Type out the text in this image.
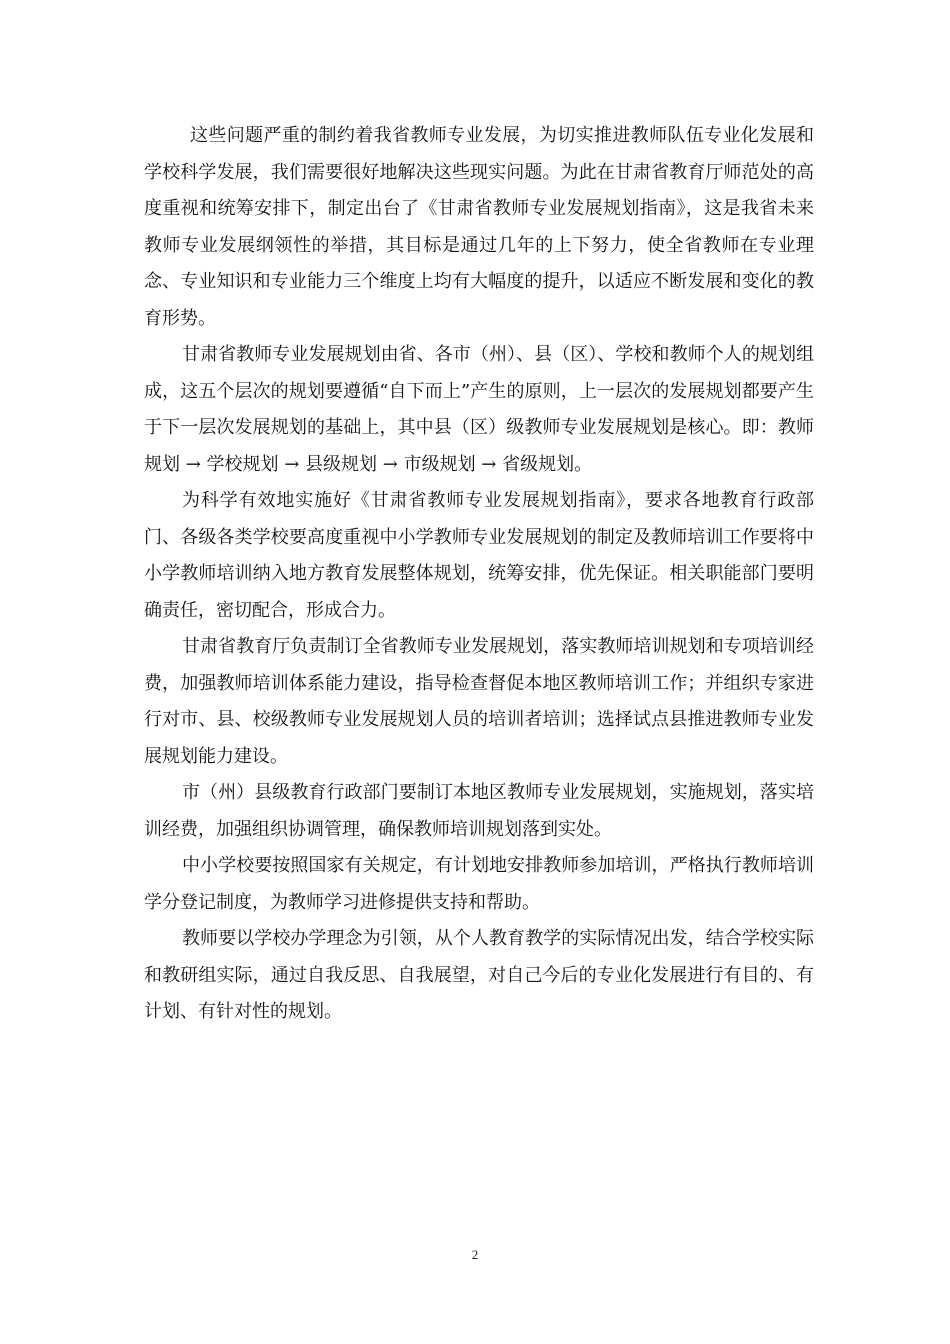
这些问题严重的制约着我省教师专业发展，为切实推进教师队伍专业化发展和学校科学发展，我们需要很好地解决这些现实问题。为此在甘肃省教育厅师范处的高度重视和统筹安排下，制定出台了《甘肃省教师专业发展规划指南》，这是我省未来教师专业发展纲领性的举措，其目标是通过几年的上下努力，使全省教师在专业理念、专业知识和专业能力三个维度上均有大幅度的提升，以适应不断发展和变化的教育形势。

甘肃省教师专业发展规划由省、各市（州）、县（区）、学校和教师个人的规划组成，这五个层次的规划要遵循“自下而上”产生的原则，上一层次的发展规划都要产生于下一层次发展规划的基础上，其中县（区）级教师专业发展规划是核心。即：教师规划 → 学校规划 → 县级规划 → 市级规划 → 省级规划。

为科学有效地实施好《甘肃省教师专业发展规划指南》，要求各地教育行政部门、各级各类学校要高度重视中小学教师专业发展规划的制定及教师培训工作要将中小学教师培训纳入地方教育发展整体规划，统筹安排，优先保证。相关职能部门要明确责任，密切配合，形成合力。

甘肃省教育厅负责制订全省教师专业发展规划，落实教师培训规划和专项培训经费，加强教师培训体系能力建设，指导检查督促本地区教师培训工作；并组织专家进行对市、县、校级教师专业发展规划人员的培训者培训；选择试点县推进教师专业发展规划能力建设。

市（州）县级教育行政部门要制订本地区教师专业发展规划，实施规划，落实培训经费，加强组织协调管理，确保教师培训规划落到实处。

中小学校要按照国家有关规定，有计划地安排教师参加培训，严格执行教师培训学分登记制度，为教师学习进修提供支持和帮助。

教师要以学校办学理念为引领，从个人教育教学的实际情况出发，结合学校实际和教研组实际，通过自我反思、自我展望，对自己今后的专业化发展进行有目的、有计划、有针对性的规划。

2
